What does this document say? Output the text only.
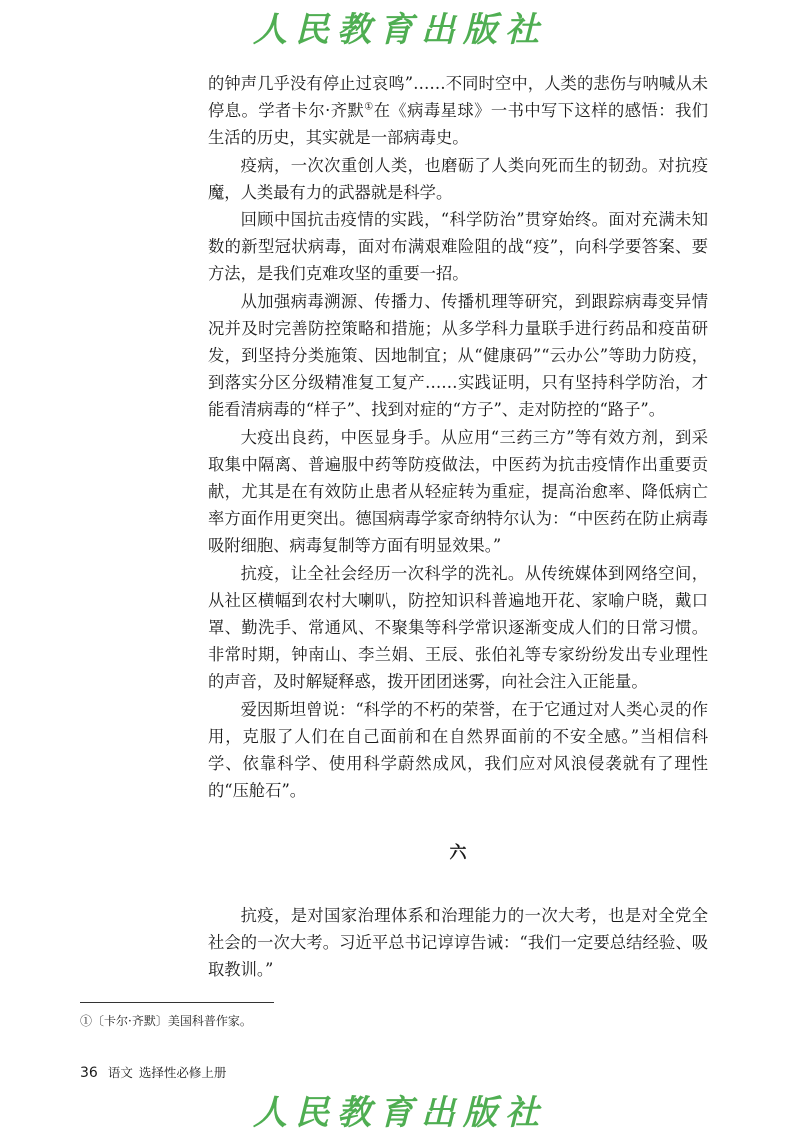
人民教育出版社

的钟声几乎没有停止过哀鸣”……不同时空中，人类的悲伤与呐喊从未停息。学者卡尔·齐默①在《病毒星球》一书中写下这样的感悟：我们生活的历史，其实就是一部病毒史。

疫病，一次次重创人类，也磨砺了人类向死而生的韧劲。对抗疫魔，人类最有力的武器就是科学。

回顾中国抗击疫情的实践，“科学防治”贯穿始终。面对充满未知数的新型冠状病毒，面对布满艰难险阻的战“疫”，向科学要答案、要方法，是我们克难攻坚的重要一招。

从加强病毒溯源、传播力、传播机理等研究，到跟踪病毒变异情况并及时完善防控策略和措施；从多学科力量联手进行药品和疫苗研发，到坚持分类施策、因地制宜；从“健康码”“云办公”等助力防疫，到落实分区分级精准复工复产……实践证明，只有坚持科学防治，才能看清病毒的“样子”、找到对症的“方子”、走对防控的“路子”。

大疫出良药，中医显身手。从应用“三药三方”等有效方剂，到采取集中隔离、普遍服中药等防疫做法，中医药为抗击疫情作出重要贡献，尤其是在有效防止患者从轻症转为重症，提高治愈率、降低病亡率方面作用更突出。德国病毒学家奇纳特尔认为：“中医药在防止病毒吸附细胞、病毒复制等方面有明显效果。”

抗疫，让全社会经历一次科学的洗礼。从传统媒体到网络空间，从社区横幅到农村大喇叭，防控知识科普遍地开花、家喻户晓，戴口罩、勤洗手、常通风、不聚集等科学常识逐渐变成人们的日常习惯。非常时期，钟南山、李兰娟、王辰、张伯礼等专家纷纷发出专业理性的声音，及时解疑释惑，拨开团团迷雾，向社会注入正能量。

爱因斯坦曾说：“科学的不朽的荣誉，在于它通过对人类心灵的作用，克服了人们在自己面前和在自然界面前的不安全感。”当相信科学、依靠科学、使用科学蔚然成风，我们应对风浪侵袭就有了理性的“压舱石”。

六

抗疫，是对国家治理体系和治理能力的一次大考，也是对全党全社会的一次大考。习近平总书记谆谆告诫：“我们一定要总结经验、吸取教训。”

①〔卡尔·齐默〕美国科普作家。
36 语文 选择性必修上册
人民教育出版社
